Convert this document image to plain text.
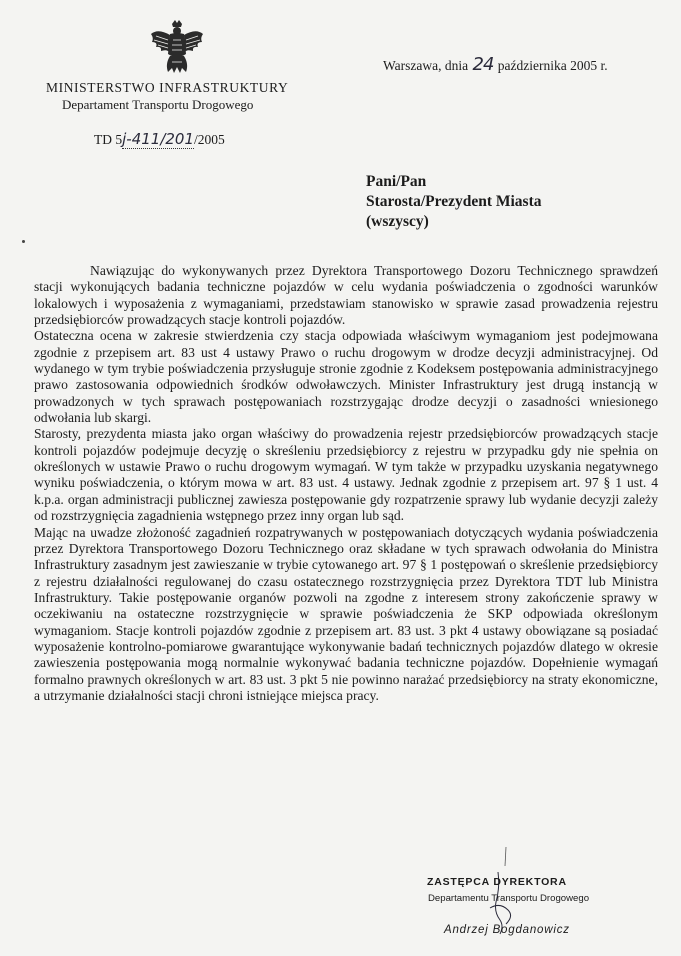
MINISTERSTWO INFRASTRUKTURY
Departament Transportu Drogowego
Warszawa, dnia 24 października 2005 r.
TD 5j-411/201/2005
Pani/Pan
Starosta/Prezydent Miasta
(wszyscy)

Nawiązując do wykonywanych przez Dyrektora Transportowego Dozoru Technicznego sprawdzeń stacji wykonujących badania techniczne pojazdów w celu wydania poświadczenia o zgodności warunków lokalowych i wyposażenia z wymaganiami, przedstawiam stanowisko w sprawie zasad prowadzenia rejestru przedsiębiorców prowadzących stacje kontroli pojazdów.

Ostateczna ocena w zakresie stwierdzenia czy stacja odpowiada właściwym wymaganiom jest podejmowana zgodnie z przepisem art. 83 ust 4 ustawy Prawo o ruchu drogowym w drodze decyzji administracyjnej. Od wydanego w tym trybie poświadczenia przysługuje stronie zgodnie z Kodeksem postępowania administracyjnego prawo zastosowania odpowiednich środków odwoławczych. Minister Infrastruktury jest drugą instancją w prowadzonych w tych sprawach postępowaniach rozstrzygając drodze decyzji o zasadności wniesionego odwołania lub skargi.

Starosty, prezydenta miasta jako organ właściwy do prowadzenia rejestr przedsiębiorców prowadzących stacje kontroli pojazdów podejmuje decyzję o skreśleniu przedsiębiorcy z rejestru w przypadku gdy nie spełnia on określonych w ustawie Prawo o ruchu drogowym wymagań. W tym także w przypadku uzyskania negatywnego wyniku poświadczenia, o którym mowa w art. 83 ust. 4 ustawy. Jednak zgodnie z przepisem art. 97 § 1 ust. 4 k.p.a. organ administracji publicznej zawiesza postępowanie gdy rozpatrzenie sprawy lub wydanie decyzji zależy od rozstrzygnięcia zagadnienia wstępnego przez inny organ lub sąd.

Mając na uwadze złożoność zagadnień rozpatrywanych w postępowaniach dotyczących wydania poświadczenia przez Dyrektora Transportowego Dozoru Technicznego oraz składane w tych sprawach odwołania do Ministra Infrastruktury zasadnym jest zawieszanie w trybie cytowanego art. 97 § 1 postępowań o skreślenie przedsiębiorcy z rejestru działalności regulowanej do czasu ostatecznego rozstrzygnięcia przez Dyrektora TDT lub Ministra Infrastruktury. Takie postępowanie organów pozwoli na zgodne z interesem strony zakończenie sprawy w oczekiwaniu na ostateczne rozstrzygnięcie w sprawie poświadczenia że SKP odpowiada określonym wymaganiom. Stacje kontroli pojazdów zgodnie z przepisem art. 83 ust. 3 pkt 4 ustawy obowiązane są posiadać wyposażenie kontrolno-pomiarowe gwarantujące wykonywanie badań technicznych pojazdów dlatego w okresie zawieszenia postępowania mogą normalnie wykonywać badania techniczne pojazdów. Dopełnienie wymagań formalno prawnych określonych w art. 83 ust. 3 pkt 5 nie powinno narażać przedsiębiorcy na straty ekonomiczne, a utrzymanie działalności stacji chroni istniejące miejsca pracy.

ZASTĘPCA DYREKTORA
Departamentu Transportu Drogowego
Andrzej Bogdanowicz
